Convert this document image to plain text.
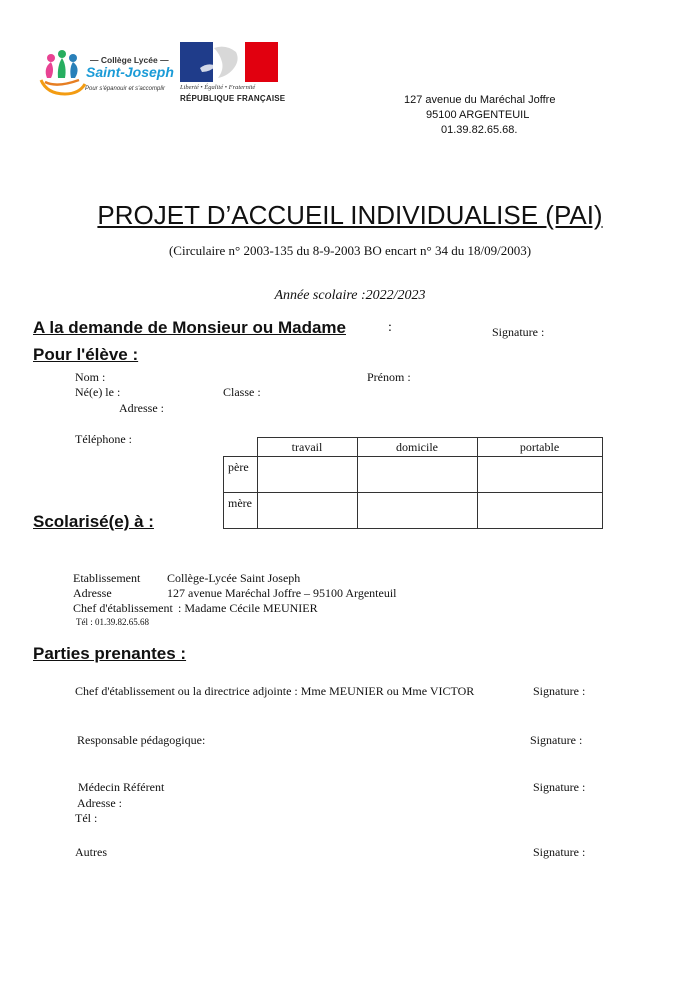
— Collège Lycée —
Saint-Joseph
Pour s'épanouir et s'accomplir Liberté • Égalité • Fraternité
RÉPUBLIQUE FRANÇAISE	127 avenue du Maréchal Joffre
95100 ARGENTEUIL
01.39.82.65.68.
PROJET D’ACCUEIL INDIVIDUALISE (PAI)
(Circulaire n° 2003-135 du 8-9-2003 BO encart n° 34 du 18/09/2003)
Année scolaire :2022/2023
A la demande de Monsieur ou Madame	:	Signature :
Pour l'élève :
Nom :	Prénom :
Né(e) le :	Classe :
Adresse :
Téléphone :
	travail	domicile	portable
père			
mère			
Scolarisé(e) à :
Etablissement Collège-Lycée Saint Joseph
Adresse	127 avenue Maréchal Joffre – 95100 Argenteuil
Chef d'établissement : Madame Cécile MEUNIER
Tél : 01.39.82.65.68
Parties prenantes :
Chef d'établissement ou la directrice adjointe : Mme MEUNIER ou Mme VICTOR	Signature :
Responsable pédagogique:	Signature :
Médecin Référent	Signature :
Adresse :
Tél :
Autres	Signature :
